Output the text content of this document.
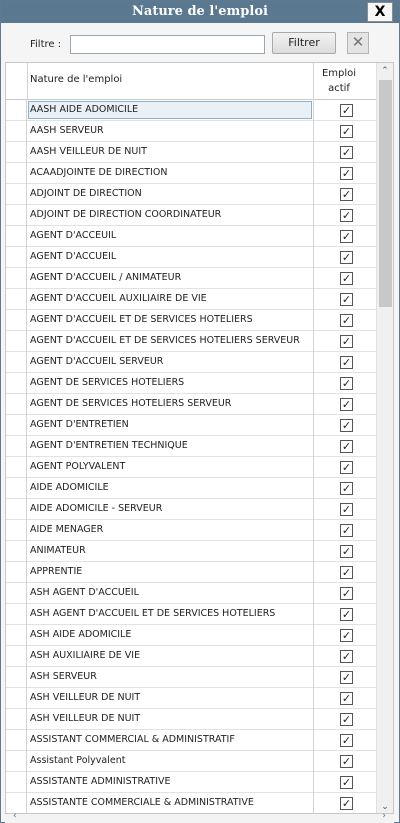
Nature de l'emploi	X
Filtre :	Filtrer	✕
Nature de l'emploi
Emploi
actif
AASH AIDE ADOMICILE	✓
AASH SERVEUR	✓
AASH VEILLEUR DE NUIT	✓
ACAADJOINTE DE DIRECTION	✓
ADJOINT DE DIRECTION	✓
ADJOINT DE DIRECTION COORDINATEUR	✓
AGENT D'ACCEUIL	✓
AGENT D'ACCUEIL	✓
AGENT D'ACCUEIL / ANIMATEUR	✓
AGENT D'ACCUEIL AUXILIAIRE DE VIE	✓
AGENT D'ACCUEIL ET DE SERVICES HOTELIERS	✓
AGENT D'ACCUEIL ET DE SERVICES HOTELIERS SERVEUR	✓
AGENT D'ACCUEIL SERVEUR	✓
AGENT DE SERVICES HOTELIERS	✓
AGENT DE SERVICES HOTELIERS SERVEUR	✓
AGENT D'ENTRETIEN	✓
AGENT D'ENTRETIEN TECHNIQUE	✓
AGENT POLYVALENT	✓
AIDE ADOMICILE	✓
AIDE ADOMICILE - SERVEUR	✓
AIDE MENAGER	✓
ANIMATEUR	✓
APPRENTIE	✓
ASH AGENT D'ACCUEIL	✓
ASH AGENT D'ACCUEIL ET DE SERVICES HOTELIERS	✓
ASH AIDE ADOMICILE	✓
ASH AUXILIAIRE DE VIE	✓
ASH SERVEUR	✓
ASH VEILLEUR DE NUIT	✓
ASH VEILLEUR DE NUIT	✓
ASSISTANT COMMERCIAL & ADMINISTRATIF	✓
Assistant Polyvalent	✓
ASSISTANTE ADMINISTRATIVE	✓
ASSISTANTE COMMERCIALE & ADMINISTRATIVE	✓
⌃
⌄
‹	›
